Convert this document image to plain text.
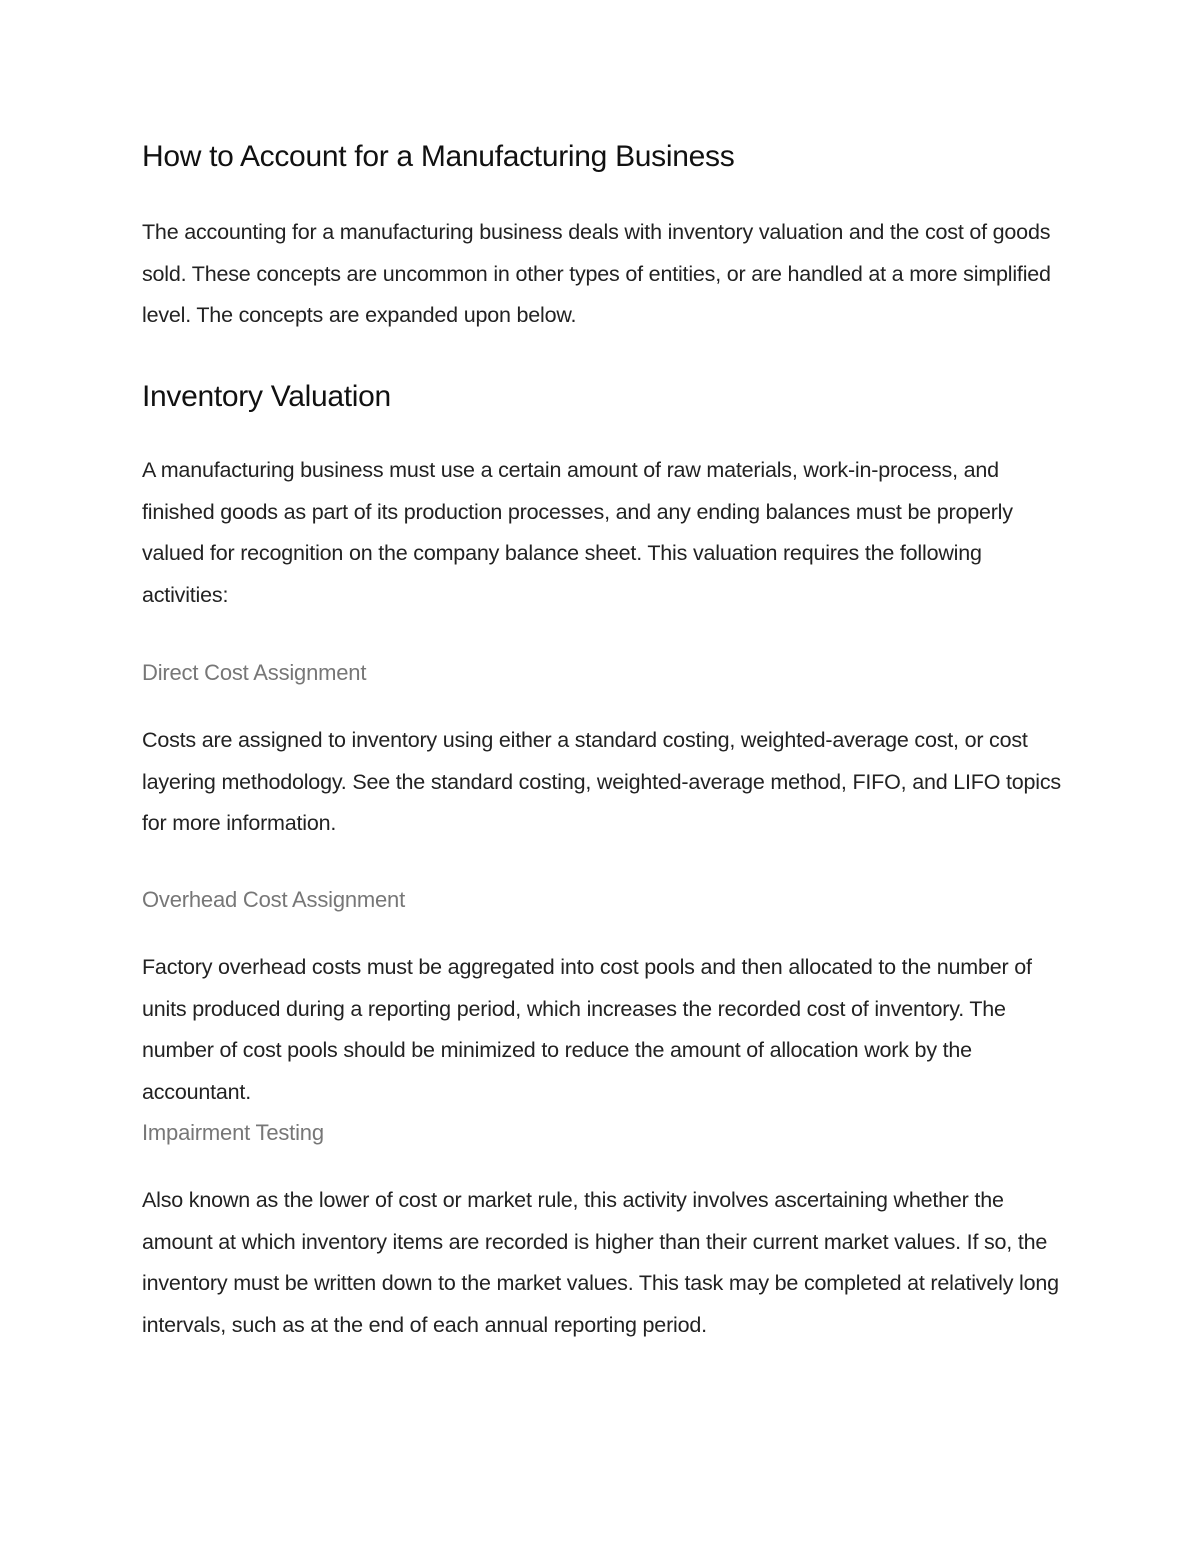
How to Account for a Manufacturing Business

The accounting for a manufacturing business deals with inventory valuation and the cost of goods sold. These concepts are uncommon in other types of entities, or are handled at a more simplified level. The concepts are expanded upon below.

Inventory Valuation

A manufacturing business must use a certain amount of raw materials, work-in-process, and finished goods as part of its production processes, and any ending balances must be properly valued for recognition on the company balance sheet. This valuation requires the following activities:

Direct Cost Assignment

Costs are assigned to inventory using either a standard costing, weighted-average cost, or cost layering methodology. See the standard costing, weighted-average method, FIFO, and LIFO topics for more information.

Overhead Cost Assignment

Factory overhead costs must be aggregated into cost pools and then allocated to the number of units produced during a reporting period, which increases the recorded cost of inventory. The number of cost pools should be minimized to reduce the amount of allocation work by the accountant.

Impairment Testing

Also known as the lower of cost or market rule, this activity involves ascertaining whether the amount at which inventory items are recorded is higher than their current market values. If so, the inventory must be written down to the market values. This task may be completed at relatively long intervals, such as at the end of each annual reporting period.
